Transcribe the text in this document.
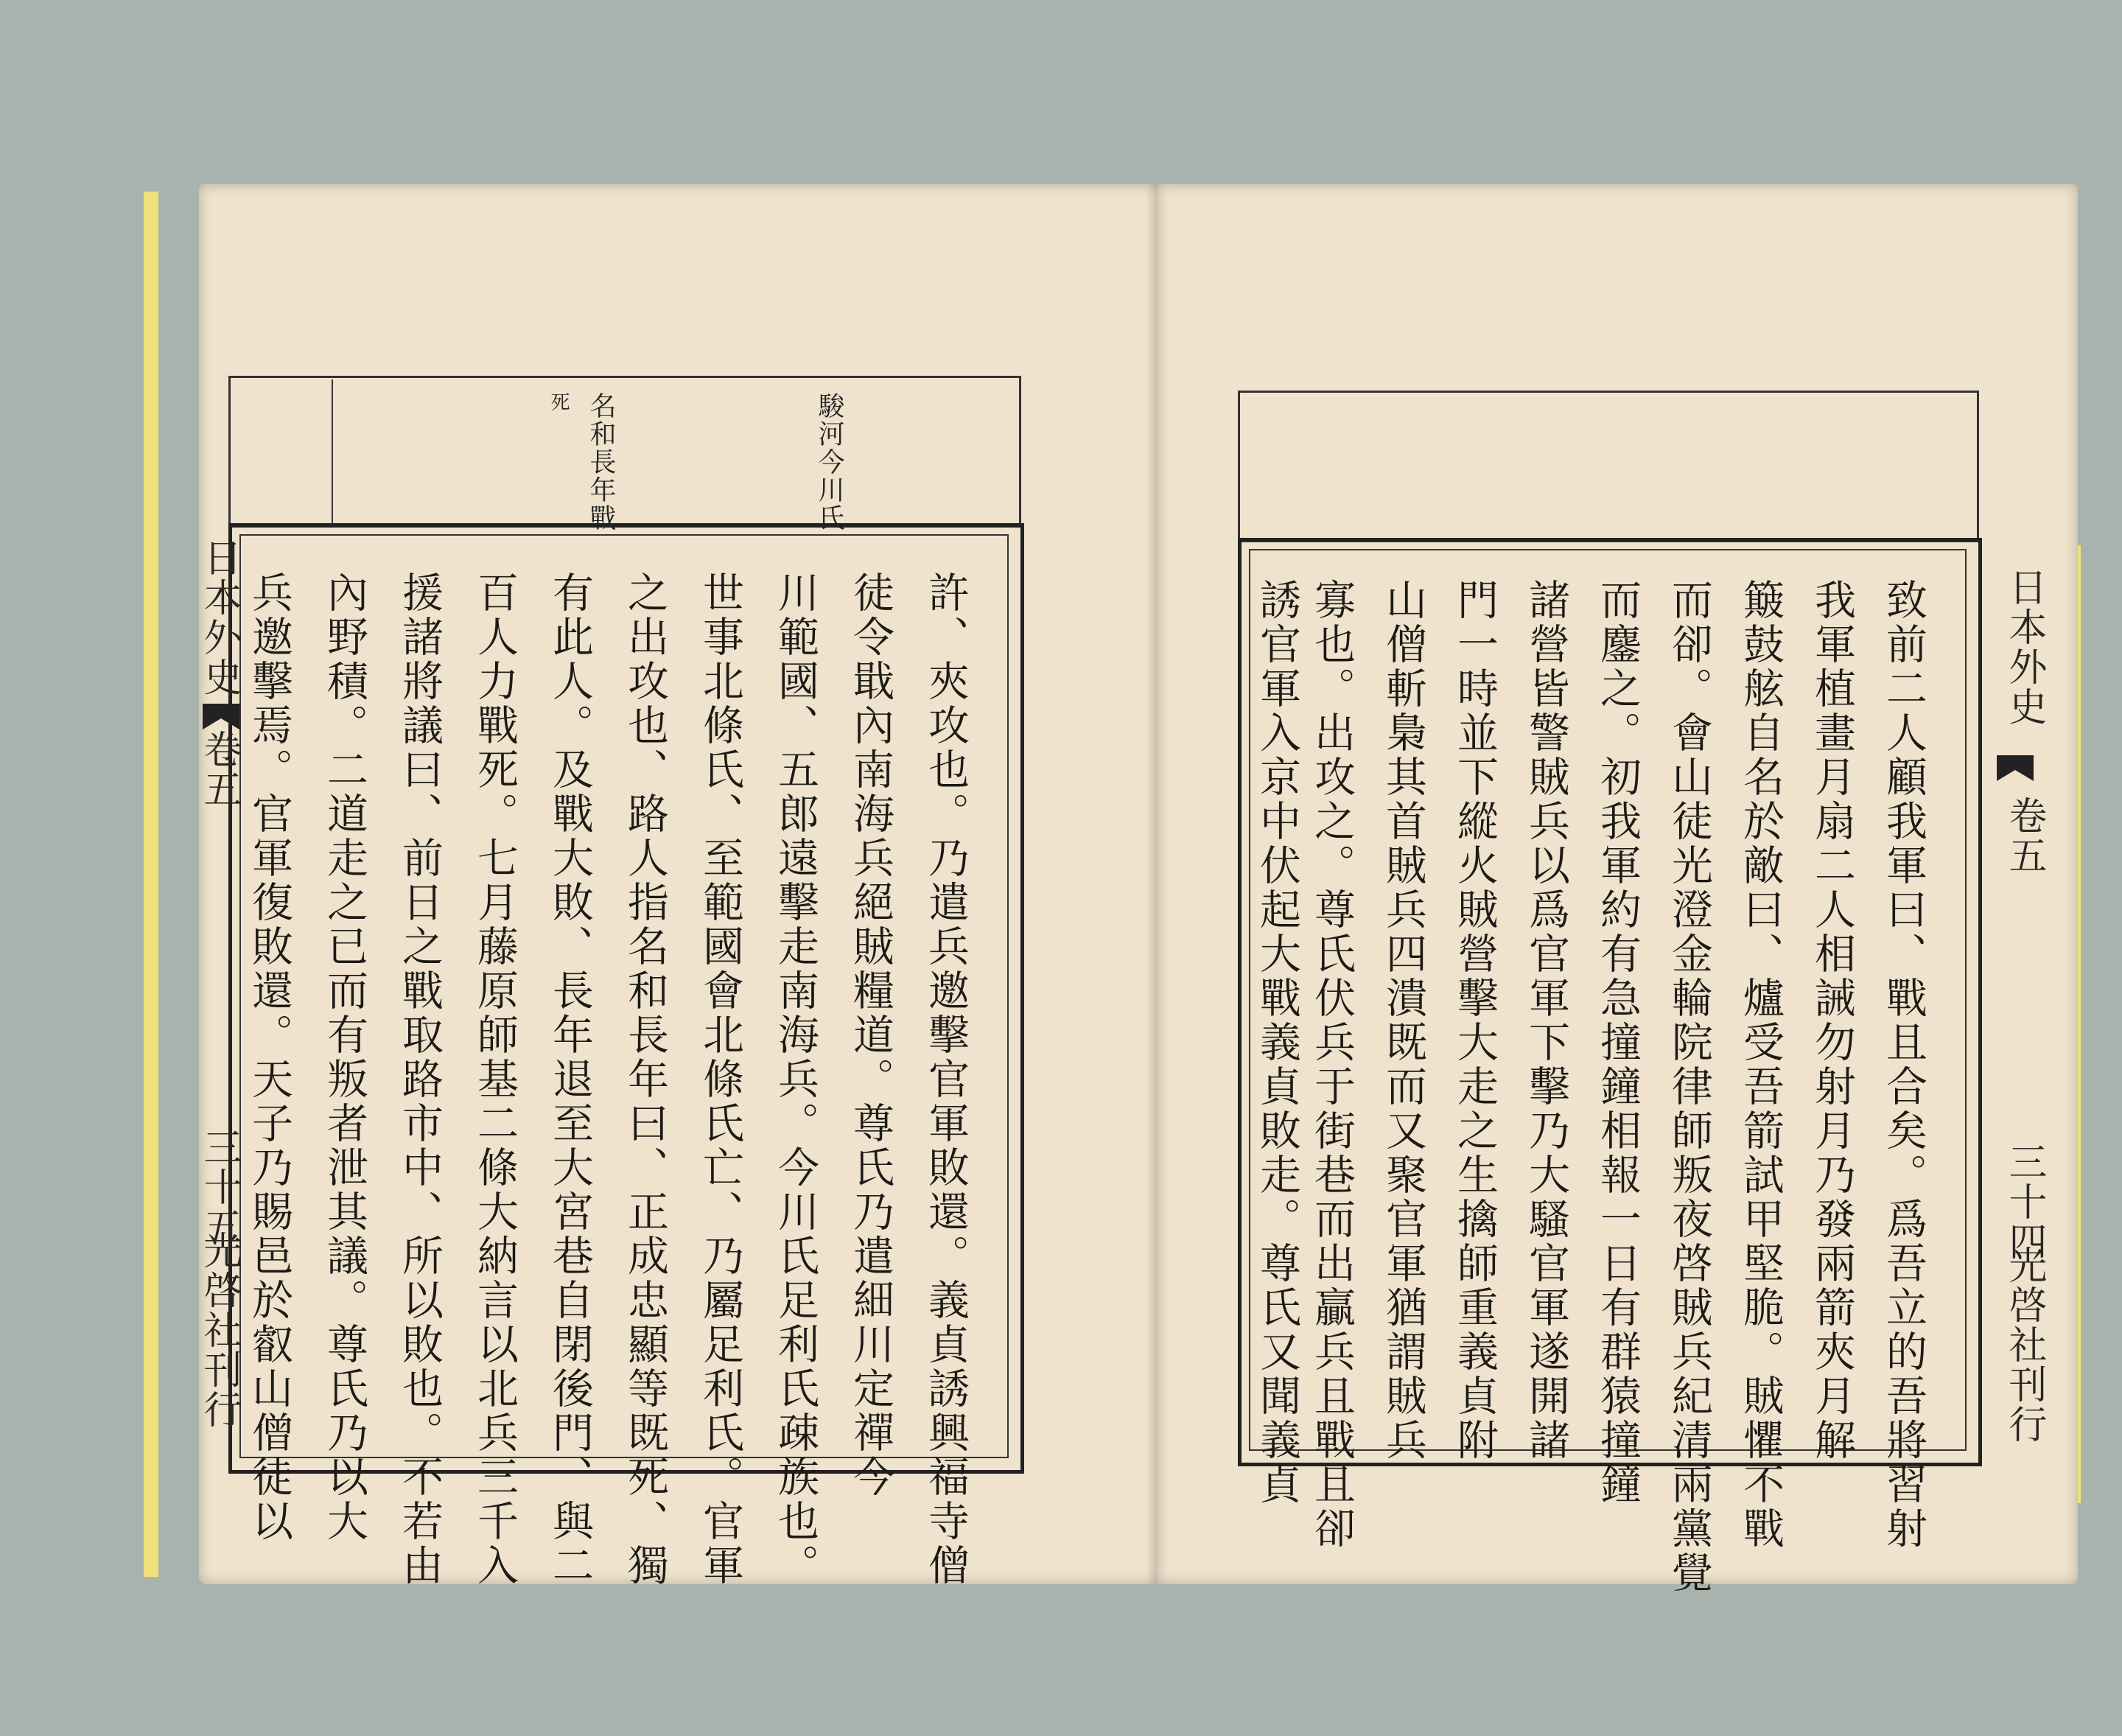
駿河今川氏
名和長年戰
死
許、夾攻也。乃遣兵邀擊官軍敗還。義貞誘興福寺僧
徒令戢內南海兵絕賊糧道。尊氏乃遣細川定禪今
川範國、五郎遠擊走南海兵。今川氏足利氏疎族也。
世事北條氏、至範國會北條氏亡、乃屬足利氏。官軍
之出攻也、路人指名和長年曰、正成忠顯等既死、獨
有此人。及戰大敗、長年退至大宮巷自閉後門、與二
百人力戰死。七月藤原師基二條大納言以北兵三千入
援諸將議曰、前日之戰取路市中、所以敗也。不若由
內野積。二道走之已而有叛者泄其議。尊氏乃以大
兵邀擊焉。官軍復敗還。天子乃賜邑於叡山僧徒以
日本外史
卷五
三十五
光啓社刊行	致前二人顧我軍曰、戰且合矣。爲吾立的吾將習射
我軍植畫月扇二人相誡勿射月乃發兩箭夾月解
簸鼓舷自名於敵曰、爐受吾箭試甲堅脆。賊懼不戰
而卻。會山徒光澄金輪院律師叛夜啓賊兵紀清兩黨覺
而鏖之。初我軍約有急撞鐘相報一日有群猿撞鐘
諸營皆警賊兵以爲官軍下擊乃大騷官軍遂開諸
門一時並下縱火賊營擊大走之生擒師重義貞附
山僧斬梟其首賊兵四潰既而又聚官軍猶謂賊兵
寡也。出攻之。尊氏伏兵于街巷而出贏兵且戰且卻
誘官軍入京中伏起大戰義貞敗走。尊氏又聞義貞	日本外史
卷五
三十四
光啓社刊行
